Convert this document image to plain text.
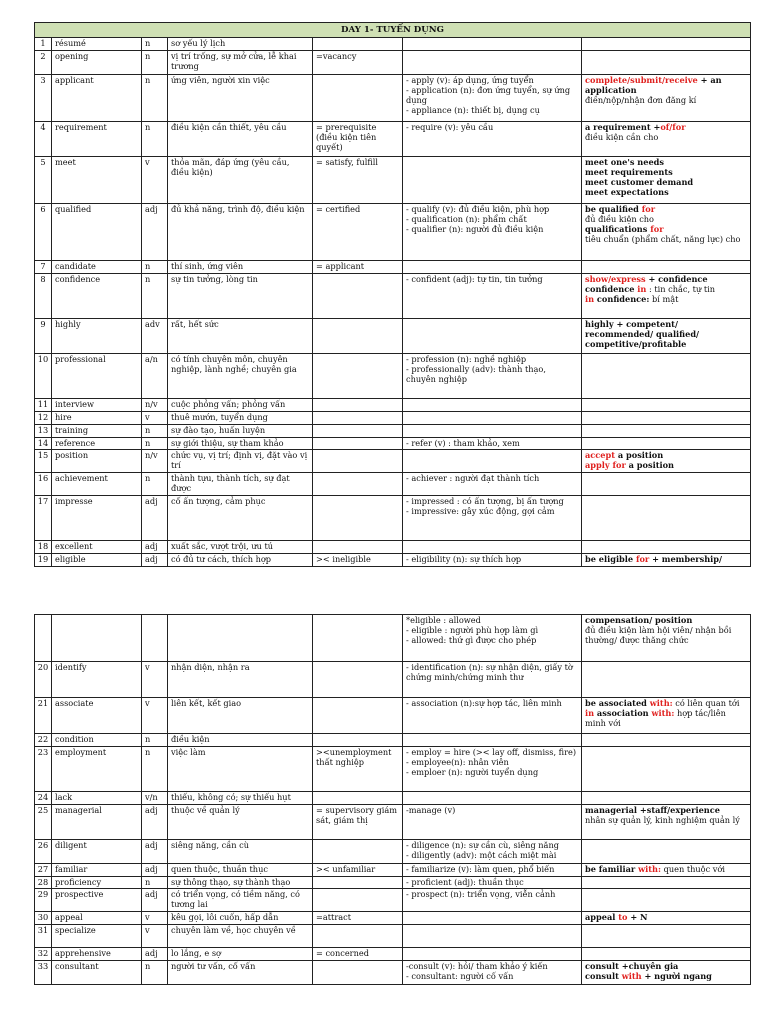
DAY 1- TUYỂN DỤNG						
1	résumé	n	sơ yếu lý lịch			
2	opening	n	vị trí trống, sự mở cửa, lễ khai trương	=vacancy		
3	applicant	n	ứng viên, người xin việc		- apply (v): áp dụng, ứng tuyển
- application (n): đơn ứng tuyển, sự ứng dụng
- appliance (n): thiết bị, dụng cụ	complete/submit/receive + an application
điền/nộp/nhận đơn đăng kí

4	requirement	n	điều kiện cần thiết, yêu cầu	= prerequisite (điều kiện tiên quyết)	- require (v): yêu cầu	a requirement +of/for
điều kiện cần cho

5	meet	v	thỏa mãn, đáp ứng (yêu cầu, điều kiện)	= satisfy, fulfill		meet one's needs
meet requirements
meet customer demand
meet expectations

6	qualified	adj	đủ khả năng, trình độ, điều kiện	= certified	- qualify (v): đủ điều kiện, phù hợp
- qualification (n): phẩm chất
- qualifier (n): người đủ điều kiện	be qualified for
đủ điều kiện cho
qualifications for
tiêu chuẩn (phẩm chất, năng lực) cho

7	candidate	n	thí sinh, ứng viên	= applicant		
8	confidence	n	sự tin tưởng, lòng tin		- confident (adj): tự tin, tin tưởng	show/express + confidence
confidence in : tin chắc, tự tin
in confidence: bí mật

9	highly	adv	rất, hết sức			highly + competent/ recommended/ qualified/ competitive/profitable

10	professional	a/n	có tính chuyên môn, chuyên nghiệp, lành nghề; chuyên gia		- profession (n): nghề nghiệp
- professionally (adv): thành thạo, chuyên nghiệp	

11	interview	n/v	cuộc phỏng vấn; phỏng vấn			
12	hire	v	thuê mướn, tuyển dụng			
13	training	n	sự đào tạo, huấn luyện			
14	reference	n	sự giới thiệu, sự tham khảo		- refer (v) : tham khảo, xem	

15	position	n/v	chức vụ, vị trí; định vị, đặt vào vị trí			accept a position
apply for a position

16	achievement	n	thành tựu, thành tích, sự đạt được		- achiever : người đạt thành tích	

17	impresse	adj	cố ấn tượng, cảm phục		- impressed : có ấn tượng, bị ấn tượng
- impressive: gây xúc động, gợi cảm	

18	excellent	adj	xuất sắc, vượt trội, ưu tú			
19	eligible	adj	có đủ tư cách, thích hợp	>< ineligible	- eligibility (n): sự thích hợp	be eligible for + membership/

					*eligible : allowed
- eligible : người phù hợp làm gì
- allowed: thứ gì được cho phép	compensation/ position
đủ điều kiện làm hội viên/ nhận bồi thường/ được thăng chức

20	identify	v	nhận diện, nhận ra		- identification (n): sự nhận diện, giấy tờ chứng minh/chứng minh thư	

21	associate	v	liên kết, kết giao		- association (n):sự hợp tác, liên minh	be associated with: có liên quan tới
in association with: hợp tác/liên minh với

22	condition	n	điều kiện			
23	employment	n	việc làm	><unemployment thất nghiệp	- employ = hire (>< lay off, dismiss, fire)
- employee(n): nhân viên
- emploer (n): người tuyển dụng	

24	lack	v/n	thiếu, không có; sự thiếu hụt			
25	managerial	adj	thuộc về quản lý	= supervisory giám sát, giám thị	-manage (v)	managerial +staff/experience
nhân sự quản lý, kinh nghiệm quản lý

26	diligent	adj	siêng năng, cần cù		- diligence (n): sự cần cù, siêng năng
- diligently (adv): một cách miệt mài	

27	familiar	adj	quen thuộc, thuần thục	>< unfamiliar	- familiarize (v): làm quen, phổ biến	be familiar with: quen thuộc với

28	proficiency	n	sự thông thạo, sự thành thạo		- proficient (adj): thuần thục	

29	prospective	adj	có triển vọng, có tiềm năng, có tương lai		- prospect (n): triển vọng, viễn cảnh	

30	appeal	v	kêu gọi, lôi cuốn, hấp dẫn	=attract		appeal to + N

31	specialize	v	chuyên làm về, học chuyên về			
32	apprehensive	adj	lo lắng, e sợ	= concerned		
33	consultant	n	người tư vấn, cố vấn		-consult (v): hỏi/ tham khảo ý kiến
- consultant: người cố vấn	consult +chuyên gia
consult with + người ngang
